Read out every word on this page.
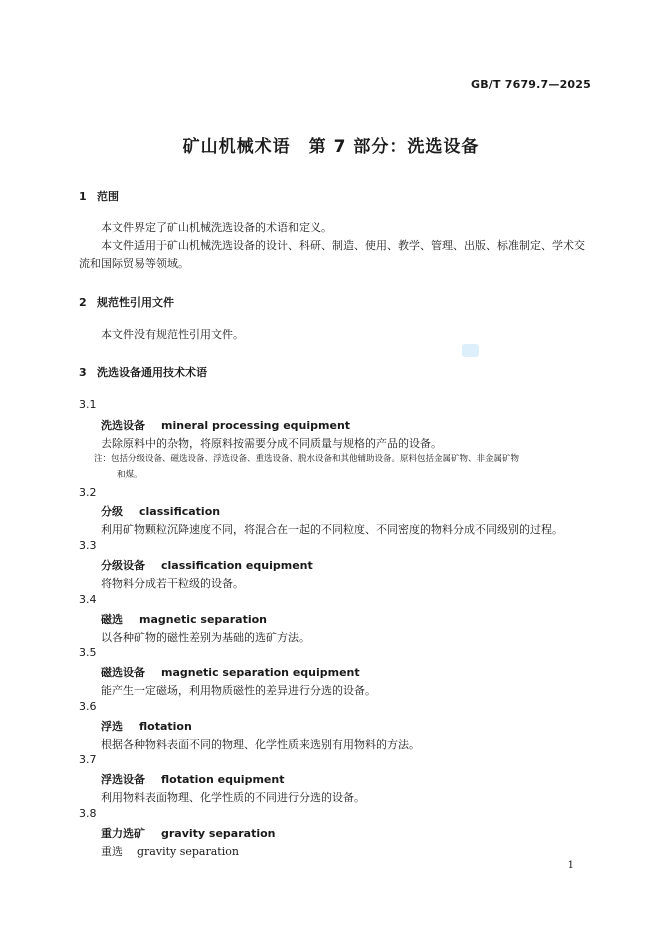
GB/T 7679.7—2025
矿山机械术语　第 7 部分：洗选设备
1 范围
本文件界定了矿山机械洗选设备的术语和定义。
本文件适用于矿山机械洗选设备的设计、科研、制造、使用、教学、管理、出版、标准制定、学术交流和国际贸易等领域。
2 规范性引用文件
本文件没有规范性引用文件。
3 洗选设备通用技术术语
3.1
洗选设备 mineral processing equipment
去除原料中的杂物，将原料按需要分成不同质量与规格的产品的设备。
注：包括分级设备、磁选设备、浮选设备、重选设备、脱水设备和其他辅助设备。原料包括金属矿物、非金属矿物
和煤。
3.2
分级 classification
利用矿物颗粒沉降速度不同，将混合在一起的不同粒度、不同密度的物料分成不同级别的过程。
3.3
分级设备 classification equipment
将物料分成若干粒级的设备。
3.4
磁选 magnetic separation
以各种矿物的磁性差别为基础的选矿方法。
3.5
磁选设备 magnetic separation equipment
能产生一定磁场，利用物质磁性的差异进行分选的设备。
3.6
浮选 flotation
根据各种物料表面不同的物理、化学性质来选别有用物料的方法。
3.7
浮选设备 flotation equipment
利用物料表面物理、化学性质的不同进行分选的设备。
3.8
重力选矿 gravity separation
重选 gravity separation
1
